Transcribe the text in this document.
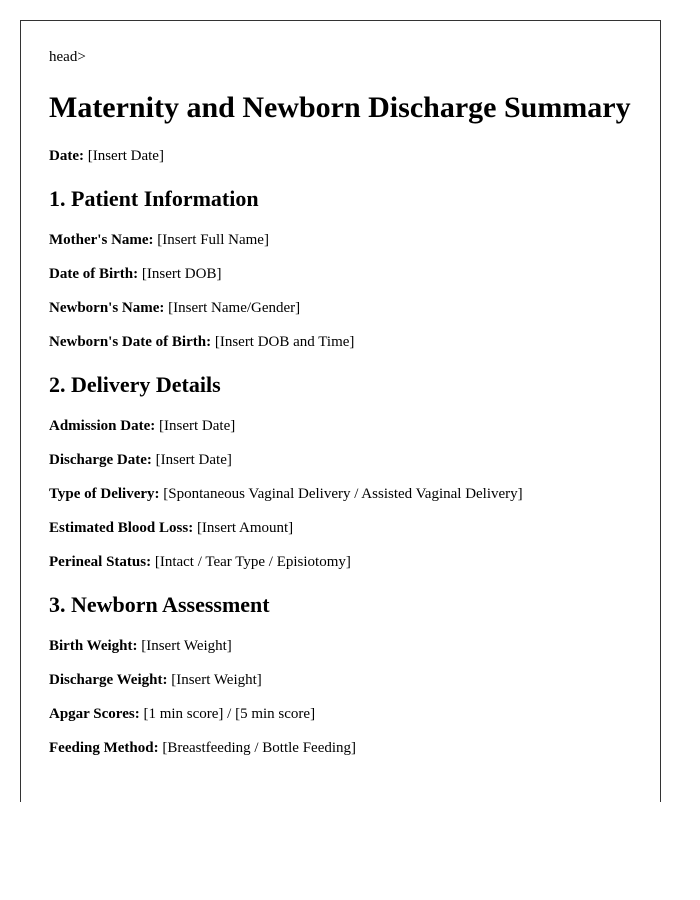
head>

Maternity and Newborn Discharge Summary

Date: [Insert Date]

1. Patient Information

Mother's Name: [Insert Full Name]

Date of Birth: [Insert DOB]

Newborn's Name: [Insert Name/Gender]

Newborn's Date of Birth: [Insert DOB and Time]

2. Delivery Details

Admission Date: [Insert Date]

Discharge Date: [Insert Date]

Type of Delivery: [Spontaneous Vaginal Delivery / Assisted Vaginal Delivery]

Estimated Blood Loss: [Insert Amount]

Perineal Status: [Intact / Tear Type / Episiotomy]

3. Newborn Assessment

Birth Weight: [Insert Weight]

Discharge Weight: [Insert Weight]

Apgar Scores: [1 min score] / [5 min score]

Feeding Method: [Breastfeeding / Bottle Feeding]
